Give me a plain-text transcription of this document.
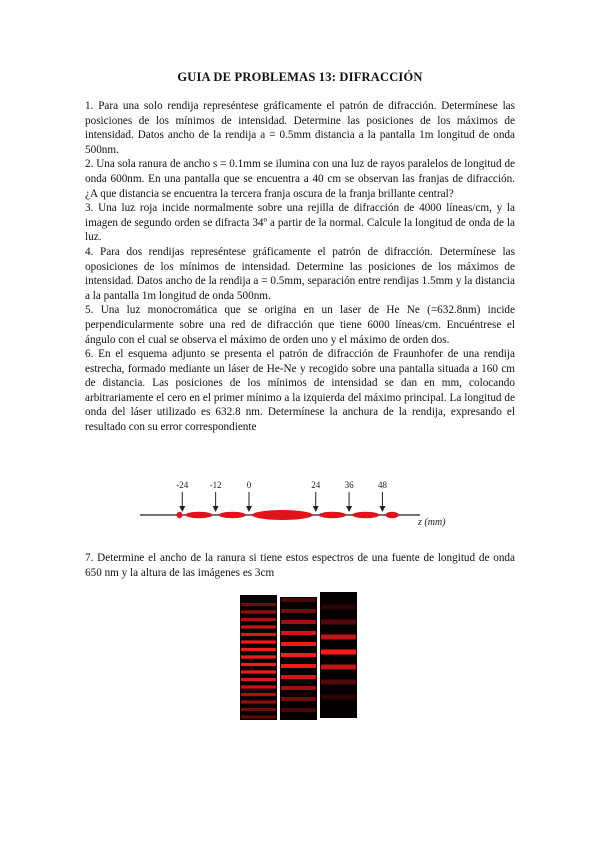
GUIA DE PROBLEMAS 13: DIFRACCIÓN

1. Para una solo rendija represéntese gráficamente el patrón de difracción. Determínese las posiciones de los mínimos de intensidad. Determine las posiciones de los máximos de intensidad. Datos ancho de la rendija a = 0.5mm distancia a la pantalla 1m longitud de onda 500nm.

2. Una sola ranura de ancho s = 0.1mm se ilumina con una luz de rayos paralelos de longitud de onda 600nm. En una pantalla que se encuentra a 40 cm se observan las franjas de difracción. ¿A que distancia se encuentra la tercera franja oscura de la franja brillante central?

3. Una luz roja incide normalmente sobre una rejilla de difracción de 4000 líneas/cm, y la imagen de segundo orden se difracta 34º a partir de la normal. Calcule la longitud de onda de la luz.

4. Para dos rendijas represéntese gráficamente el patrón de difracción. Determínese las oposiciones de los mínimos de intensidad. Determine las posiciones de los máximos de intensidad. Datos ancho de la rendija a = 0.5mm, separación entre rendijas 1.5mm y la distancia a la pantalla 1m longitud de onda 500nm.

5. Una luz monocromática que se origina en un laser de He Ne (=632.8nm) incide perpendicularmente sobre una red de difracción que tiene 6000 líneas/cm. Encuéntrese el ángulo con el cual se observa el máximo de orden uno y el máximo de orden dos.

6. En el esquema adjunto se presenta el patrón de difracción de Fraunhofer de una rendija estrecha, formado mediante un láser de He-Ne y recogido sobre una pantalla situada a 160 cm de distancia. Las posiciones de los mínimos de intensidad se dan en mm, colocando arbitrariamente el cero en el primer mínimo a la izquierda del máximo principal. La longitud de onda del láser utilizado es 632.8 nm. Determínese la anchura de la rendija, expresando el resultado con su error correspondiente

-24 -12	0	24	36	48
z (mm)
7. Determine el ancho de la ranura si tiene estos espectros de una fuente de longitud de onda 650 nm y la altura de las imágenes es 3cm
